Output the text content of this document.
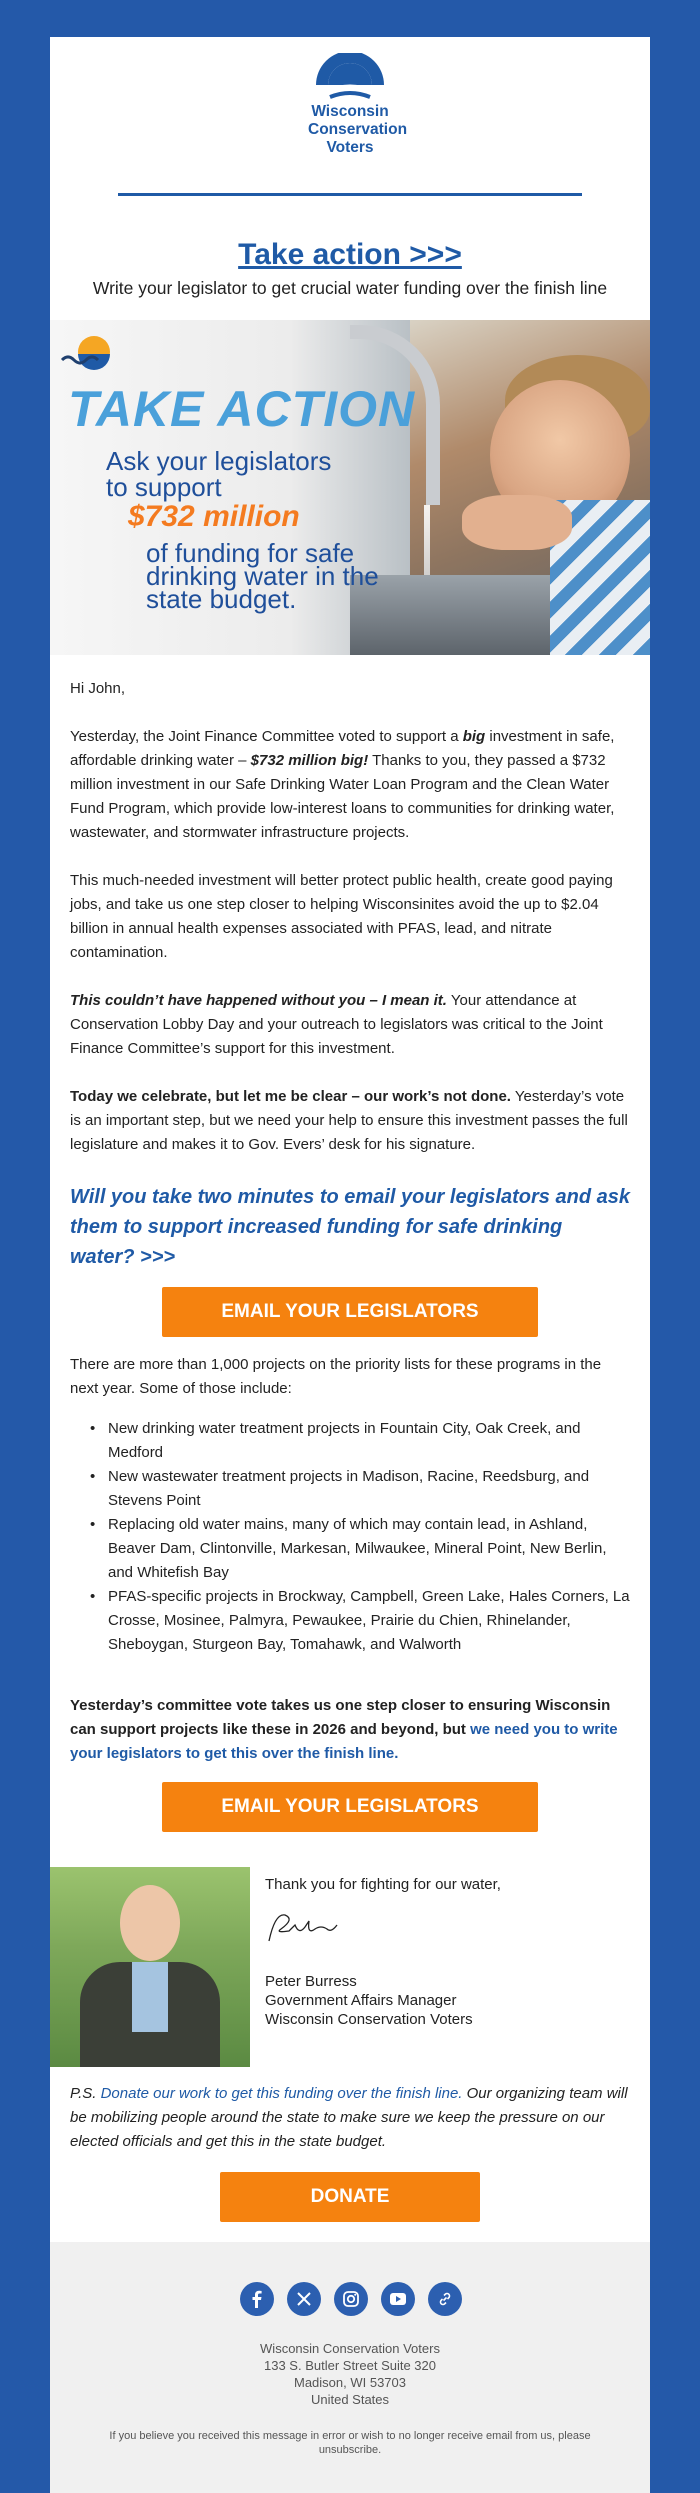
Wisconsin
Conservation
Voters
Take action >>>
Write your legislator to get crucial water funding over the finish line
TAKE ACTION
Ask your legislators
to support
$732 million
of funding for safe drinking water in the state budget.
Hi John,
Yesterday, the Joint Finance Committee voted to support a big investment in safe, affordable drinking water – $732 million big! Thanks to you, they passed a $732 million investment in our Safe Drinking Water Loan Program and the Clean Water Fund Program, which provide low-interest loans to communities for drinking water, wastewater, and stormwater infrastructure projects.
This much-needed investment will better protect public health, create good paying jobs, and take us one step closer to helping Wisconsinites avoid the up to $2.04 billion in annual health expenses associated with PFAS, lead, and nitrate contamination.
This couldn’t have happened without you – I mean it. Your attendance at Conservation Lobby Day and your outreach to legislators was critical to the Joint Finance Committee’s support for this investment.
Today we celebrate, but let me be clear – our work’s not done. Yesterday’s vote is an important step, but we need your help to ensure this investment passes the full legislature and makes it to Gov. Evers’ desk for his signature.
Will you take two minutes to email your legislators and ask them to support increased funding for safe drinking water? >>>
EMAIL YOUR LEGISLATORS
There are more than 1,000 projects on the priority lists for these programs in the next year. Some of those include:
• New drinking water treatment projects in Fountain City, Oak Creek, and Medford
• New wastewater treatment projects in Madison, Racine, Reedsburg, and Stevens Point
• Replacing old water mains, many of which may contain lead, in Ashland, Beaver Dam, Clintonville, Markesan, Milwaukee, Mineral Point, New Berlin, and Whitefish Bay
• PFAS-specific projects in Brockway, Campbell, Green Lake, Hales Corners, La Crosse, Mosinee, Palmyra, Pewaukee, Prairie du Chien, Rhinelander, Sheboygan, Sturgeon Bay, Tomahawk, and Walworth
Yesterday’s committee vote takes us one step closer to ensuring Wisconsin can support projects like these in 2026 and beyond, but we need you to write your legislators to get this over the finish line.
EMAIL YOUR LEGISLATORS
Thank you for fighting for our water,
Peter Burress
Government Affairs Manager
Wisconsin Conservation Voters
P.S. Donate our work to get this funding over the finish line. Our organizing team will be mobilizing people around the state to make sure we keep the pressure on our elected officials and get this in the state budget.
DONATE
Wisconsin Conservation Voters
133 S. Butler Street Suite 320
Madison, WI 53703
United States
If you believe you received this message in error or wish to no longer receive email from us, please unsubscribe.
